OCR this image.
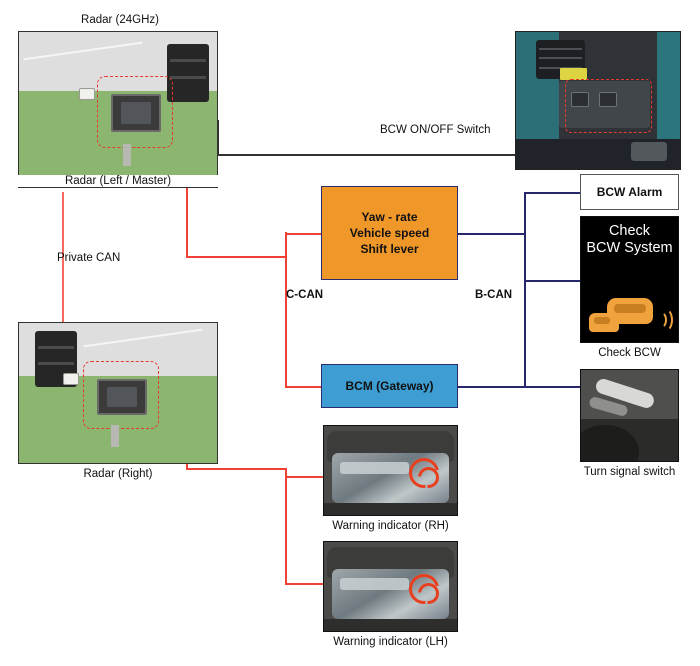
Radar (24GHz)
Private CAN
C-CAN	B-CAN
BCW ON/OFF Switch
Radar (Left / Master)
Radar (Right)
Yaw - rate
Vehicle speed
Shift lever
BCM (Gateway)
BCW Alarm
Check
BCW System
Check BCW
Turn signal switch
Warning indicator (RH)
Warning indicator (LH)
